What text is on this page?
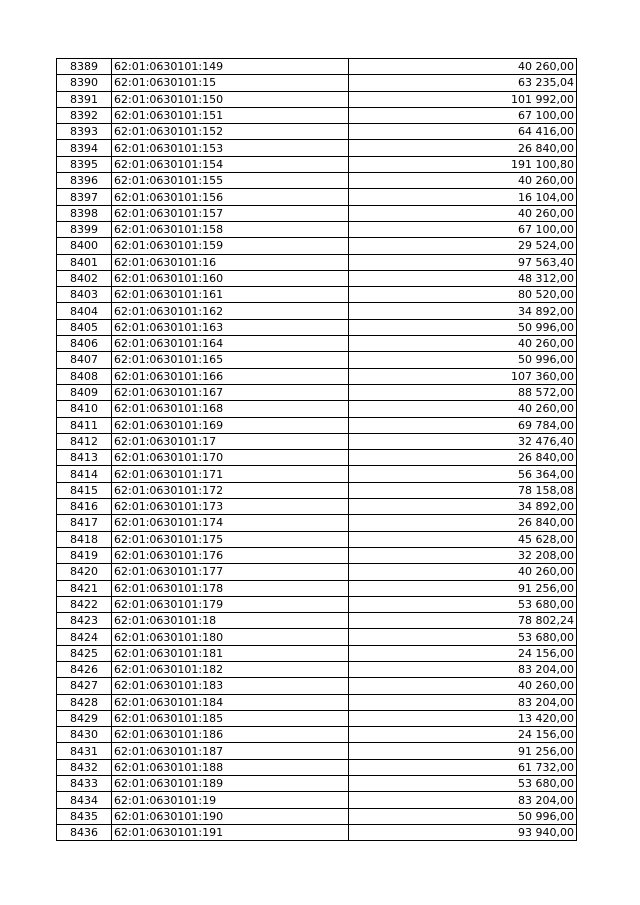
8389	62:01:0630101:149	40 260,00
8390	62:01:0630101:15	63 235,04
8391	62:01:0630101:150	101 992,00
8392	62:01:0630101:151	67 100,00
8393	62:01:0630101:152	64 416,00
8394	62:01:0630101:153	26 840,00
8395	62:01:0630101:154	191 100,80
8396	62:01:0630101:155	40 260,00
8397	62:01:0630101:156	16 104,00
8398	62:01:0630101:157	40 260,00
8399	62:01:0630101:158	67 100,00
8400	62:01:0630101:159	29 524,00
8401	62:01:0630101:16	97 563,40
8402	62:01:0630101:160	48 312,00
8403	62:01:0630101:161	80 520,00
8404	62:01:0630101:162	34 892,00
8405	62:01:0630101:163	50 996,00
8406	62:01:0630101:164	40 260,00
8407	62:01:0630101:165	50 996,00
8408	62:01:0630101:166	107 360,00
8409	62:01:0630101:167	88 572,00
8410	62:01:0630101:168	40 260,00
8411	62:01:0630101:169	69 784,00
8412	62:01:0630101:17	32 476,40
8413	62:01:0630101:170	26 840,00
8414	62:01:0630101:171	56 364,00
8415	62:01:0630101:172	78 158,08
8416	62:01:0630101:173	34 892,00
8417	62:01:0630101:174	26 840,00
8418	62:01:0630101:175	45 628,00
8419	62:01:0630101:176	32 208,00
8420	62:01:0630101:177	40 260,00
8421	62:01:0630101:178	91 256,00
8422	62:01:0630101:179	53 680,00
8423	62:01:0630101:18	78 802,24
8424	62:01:0630101:180	53 680,00
8425	62:01:0630101:181	24 156,00
8426	62:01:0630101:182	83 204,00
8427	62:01:0630101:183	40 260,00
8428	62:01:0630101:184	83 204,00
8429	62:01:0630101:185	13 420,00
8430	62:01:0630101:186	24 156,00
8431	62:01:0630101:187	91 256,00
8432	62:01:0630101:188	61 732,00
8433	62:01:0630101:189	53 680,00
8434	62:01:0630101:19	83 204,00
8435	62:01:0630101:190	50 996,00
8436	62:01:0630101:191	93 940,00
